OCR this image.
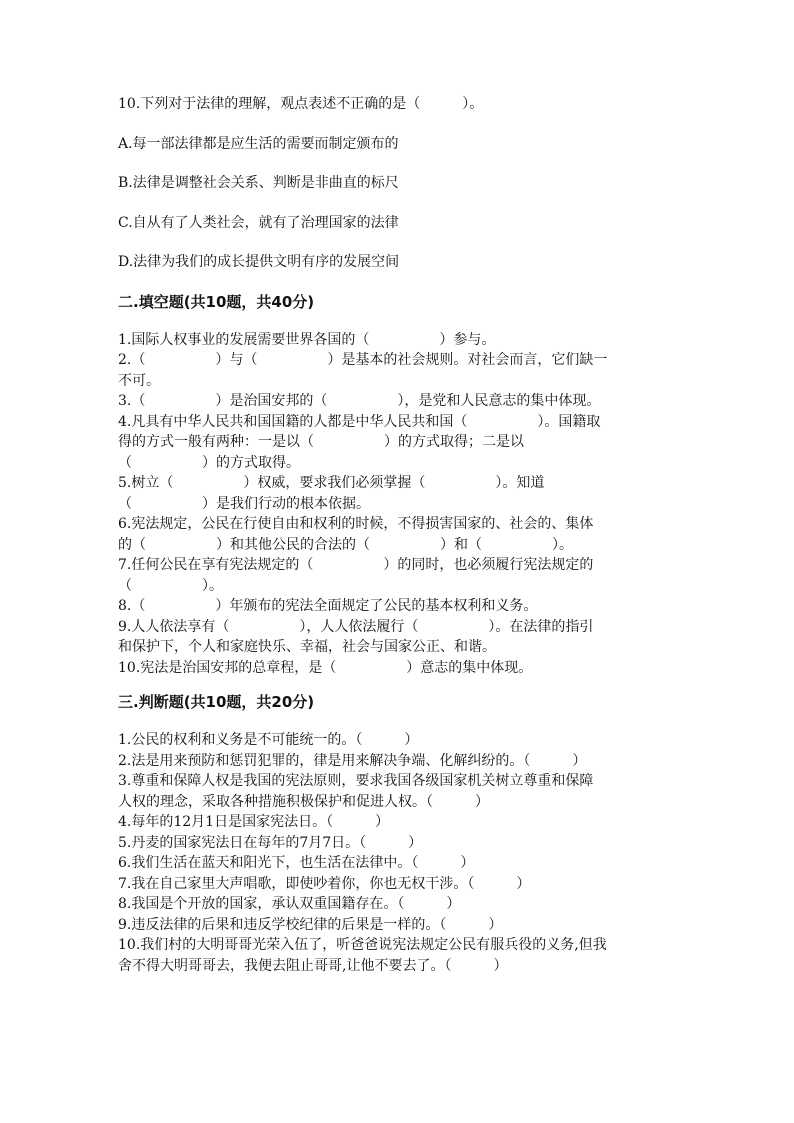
10.下列对于法律的理解，观点表述不正确的是（　　　）。
A.每一部法律都是应生活的需要而制定颁布的
B.法律是调整社会关系、判断是非曲直的标尺
C.自从有了人类社会，就有了治理国家的法律
D.法律为我们的成长提供文明有序的发展空间
二.填空题(共10题，共40分)
1.国际人权事业的发展需要世界各国的（　　　　　）参与。
2.（　　　　　）与（　　　　　）是基本的社会规则。对社会而言，它们缺一
不可。
3.（　　　　　）是治国安邦的（　　　　　），是党和人民意志的集中体现。
4.凡具有中华人民共和国国籍的人都是中华人民共和国（　　　　　）。国籍取
得的方式一般有两种：一是以（　　　　　）的方式取得；二是以
（　　　　　）的方式取得。
5.树立（　　　　　）权威，要求我们必须掌握（　　　　　）。知道
（　　　　　）是我们行动的根本依据。
6.宪法规定，公民在行使自由和权利的时候，不得损害国家的、社会的、集体
的（　　　　　）和其他公民的合法的（　　　　　）和（　　　　　）。
7.任何公民在享有宪法规定的（　　　　　）的同时，也必须履行宪法规定的
（　　　　　）。
8.（　　　　　）年颁布的宪法全面规定了公民的基本权利和义务。
9.人人依法享有（　　　　　），人人依法履行（　　　　　）。在法律的指引
和保护下，个人和家庭快乐、幸福，社会与国家公正、和谐。
10.宪法是治国安邦的总章程，是（　　　　　）意志的集中体现。
三.判断题(共10题，共20分)
1.公民的权利和义务是不可能统一的。（　　　）
2.法是用来预防和惩罚犯罪的，律是用来解决争端、化解纠纷的。（　　　）
3.尊重和保障人权是我国的宪法原则，要求我国各级国家机关树立尊重和保障
人权的理念，采取各种措施积极保护和促进人权。（　　　）
4.每年的12月1日是国家宪法日。（　　　）
5.丹麦的国家宪法日在每年的7月7日。（　　　）
6.我们生活在蓝天和阳光下，也生活在法律中。（　　　）
7.我在自己家里大声唱歌，即使吵着你，你也无权干涉。（　　　）
8.我国是个开放的国家，承认双重国籍存在。（　　　）
9.违反法律的后果和违反学校纪律的后果是一样的。（　　　）
10.我们村的大明哥哥光荣入伍了，听爸爸说宪法规定公民有服兵役的义务,但我
舍不得大明哥哥去，我便去阻止哥哥,让他不要去了。（　　　）
